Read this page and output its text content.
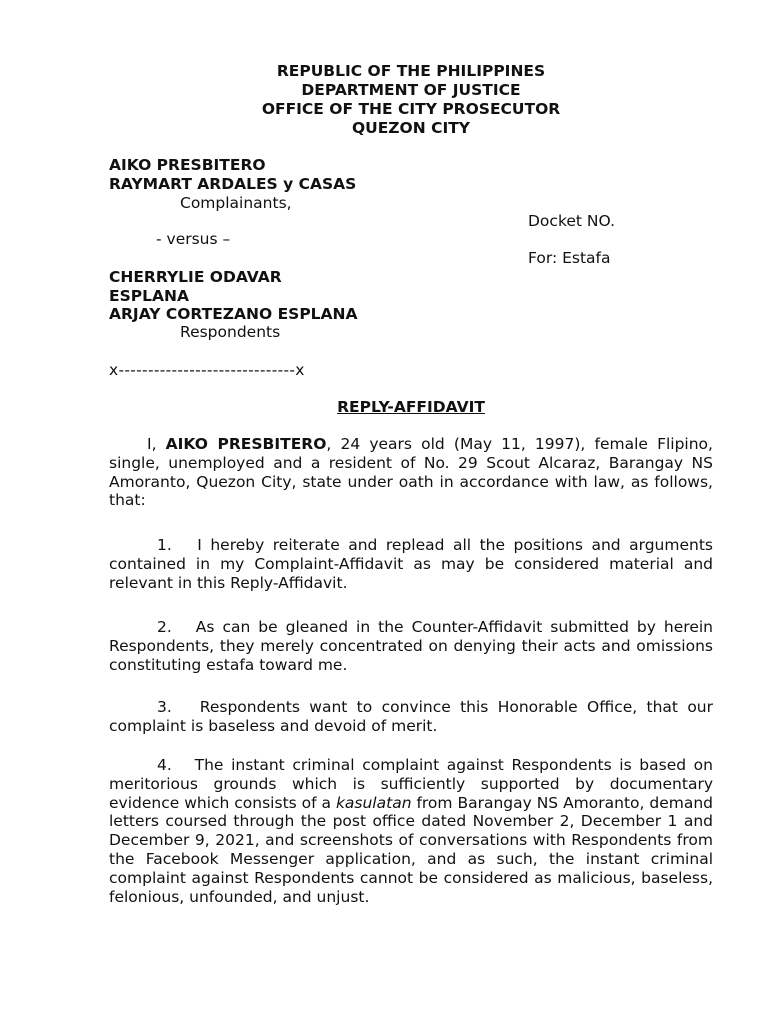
REPUBLIC OF THE PHILIPPINES
DEPARTMENT OF JUSTICE
OFFICE OF THE CITY PROSECUTOR
QUEZON CITY
AIKO PRESBITERO
RAYMART ARDALES y CASAS
Complainants,
Docket NO.
- versus –
For: Estafa
CHERRYLIE ODAVAR
ESPLANA
ARJAY CORTEZANO ESPLANA
Respondents
x------------------------------x
REPLY-AFFIDAVIT
I, AIKO PRESBITERO, 24 years old (May 11, 1997), female Flipino, single, unemployed and a resident of No. 29 Scout Alcaraz, Barangay NS Amoranto, Quezon City, state under oath in accordance with law, as follows, that:
1.   I hereby reiterate and replead all the positions and arguments contained in my Complaint-Affidavit as may be considered material and relevant in this Reply-Affidavit.
2.   As can be gleaned in the Counter-Affidavit submitted by herein Respondents, they merely concentrated on denying their acts and omissions constituting estafa toward me.
3.   Respondents want to convince this Honorable Office, that our complaint is baseless and devoid of merit.
4.   The instant criminal complaint against Respondents is based on meritorious grounds which is sufficiently supported by documentary evidence which consists of a kasulatan from Barangay NS Amoranto, demand letters coursed through the post office dated November 2, December 1 and December 9, 2021, and screenshots of conversations with Respondents from the Facebook Messenger application, and as such, the instant criminal complaint against Respondents cannot be considered as malicious, baseless, felonious, unfounded, and unjust.
